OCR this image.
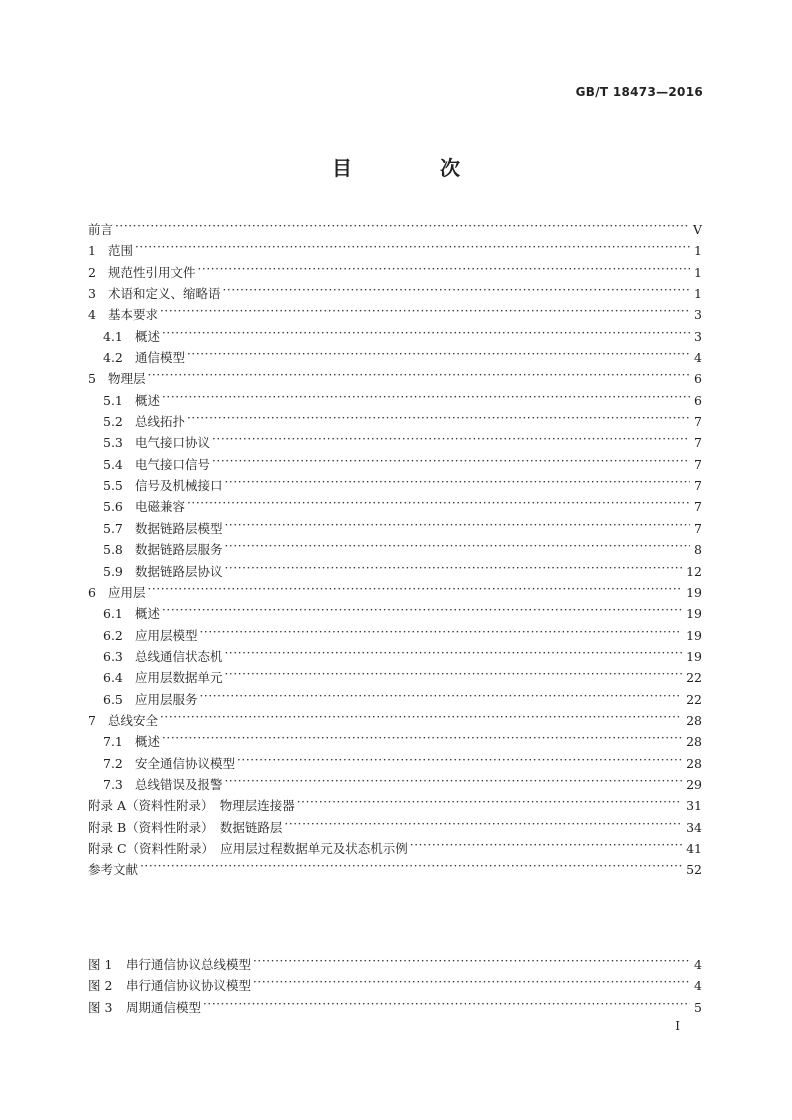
GB/T 18473—2016
目　次
前言 ·····	V
1 范围 ·····	1
2 规范性引用文件 ·····	1
3 术语和定义、缩略语 ·····	1
4 基本要求 ·····	3
4.1 概述 ·····	3
4.2 通信模型 ·····	4
5 物理层 ·····	6
5.1 概述 ·····	6
5.2 总线拓扑 ·····	7
5.3 电气接口协议 ·····	7
5.4 电气接口信号 ·····	7
5.5 信号及机械接口 ·····	7
5.6 电磁兼容 ·····	7
5.7 数据链路层模型 ·····	7
5.8 数据链路层服务 ·····	8
5.9 数据链路层协议 ·····	12
6 应用层 ·····	19
6.1 概述 ·····	19
6.2 应用层模型 ·····	19
6.3 总线通信状态机 ·····	19
6.4 应用层数据单元 ·····	22
6.5 应用层服务 ·····	22
7 总线安全 ·····	28
7.1 概述 ·····	28
7.2 安全通信协议模型 ·····	28
7.3 总线错误及报警 ·····	29
附录 A（资料性附录）　物理层连接器 ·····	31
附录 B（资料性附录）　数据链路层 ·····	34
附录 C（资料性附录）　应用层过程数据单元及状态机示例 ·····	41
参考文献 ·····	52
图 1	串行通信协议总线模型 ·····	4
图 2	串行通信协议协议模型 ·····	4
图 3	周期通信模型 ·····	5
I
